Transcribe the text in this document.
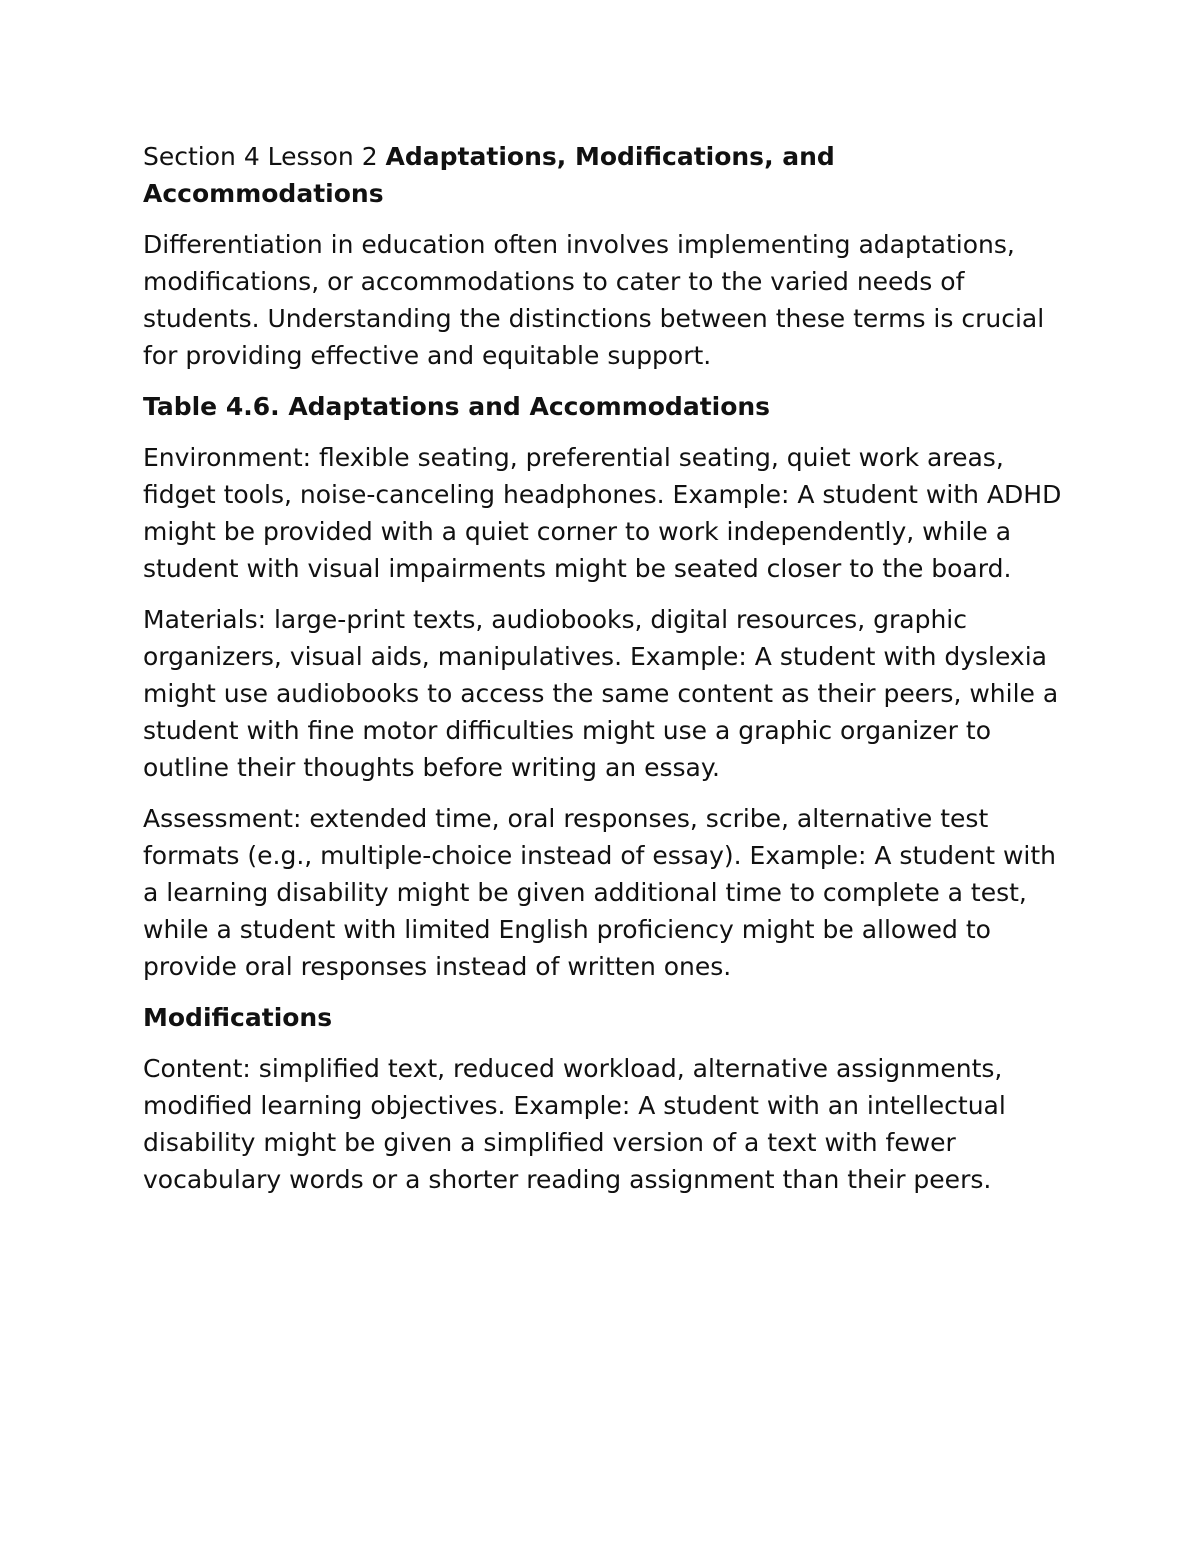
Section 4 Lesson 2 Adaptations, Modifications, and Accommodations

Differentiation in education often involves implementing adaptations, modifications, or accommodations to cater to the varied needs of students. Understanding the distinctions between these terms is crucial for providing effective and equitable support.

Table 4.6. Adaptations and Accommodations

Environment: flexible seating, preferential seating, quiet work areas, fidget tools, noise-canceling headphones. Example: A student with ADHD might be provided with a quiet corner to work independently, while a student with visual impairments might be seated closer to the board.

Materials: large-print texts, audiobooks, digital resources, graphic organizers, visual aids, manipulatives. Example: A student with dyslexia might use audiobooks to access the same content as their peers, while a student with fine motor difficulties might use a graphic organizer to outline their thoughts before writing an essay.

Assessment: extended time, oral responses, scribe, alternative test formats (e.g., multiple-choice instead of essay). Example: A student with a learning disability might be given additional time to complete a test, while a student with limited English proficiency might be allowed to provide oral responses instead of written ones.

Modifications

Content: simplified text, reduced workload, alternative assignments, modified learning objectives. Example: A student with an intellectual disability might be given a simplified version of a text with fewer vocabulary words or a shorter reading assignment than their peers.
